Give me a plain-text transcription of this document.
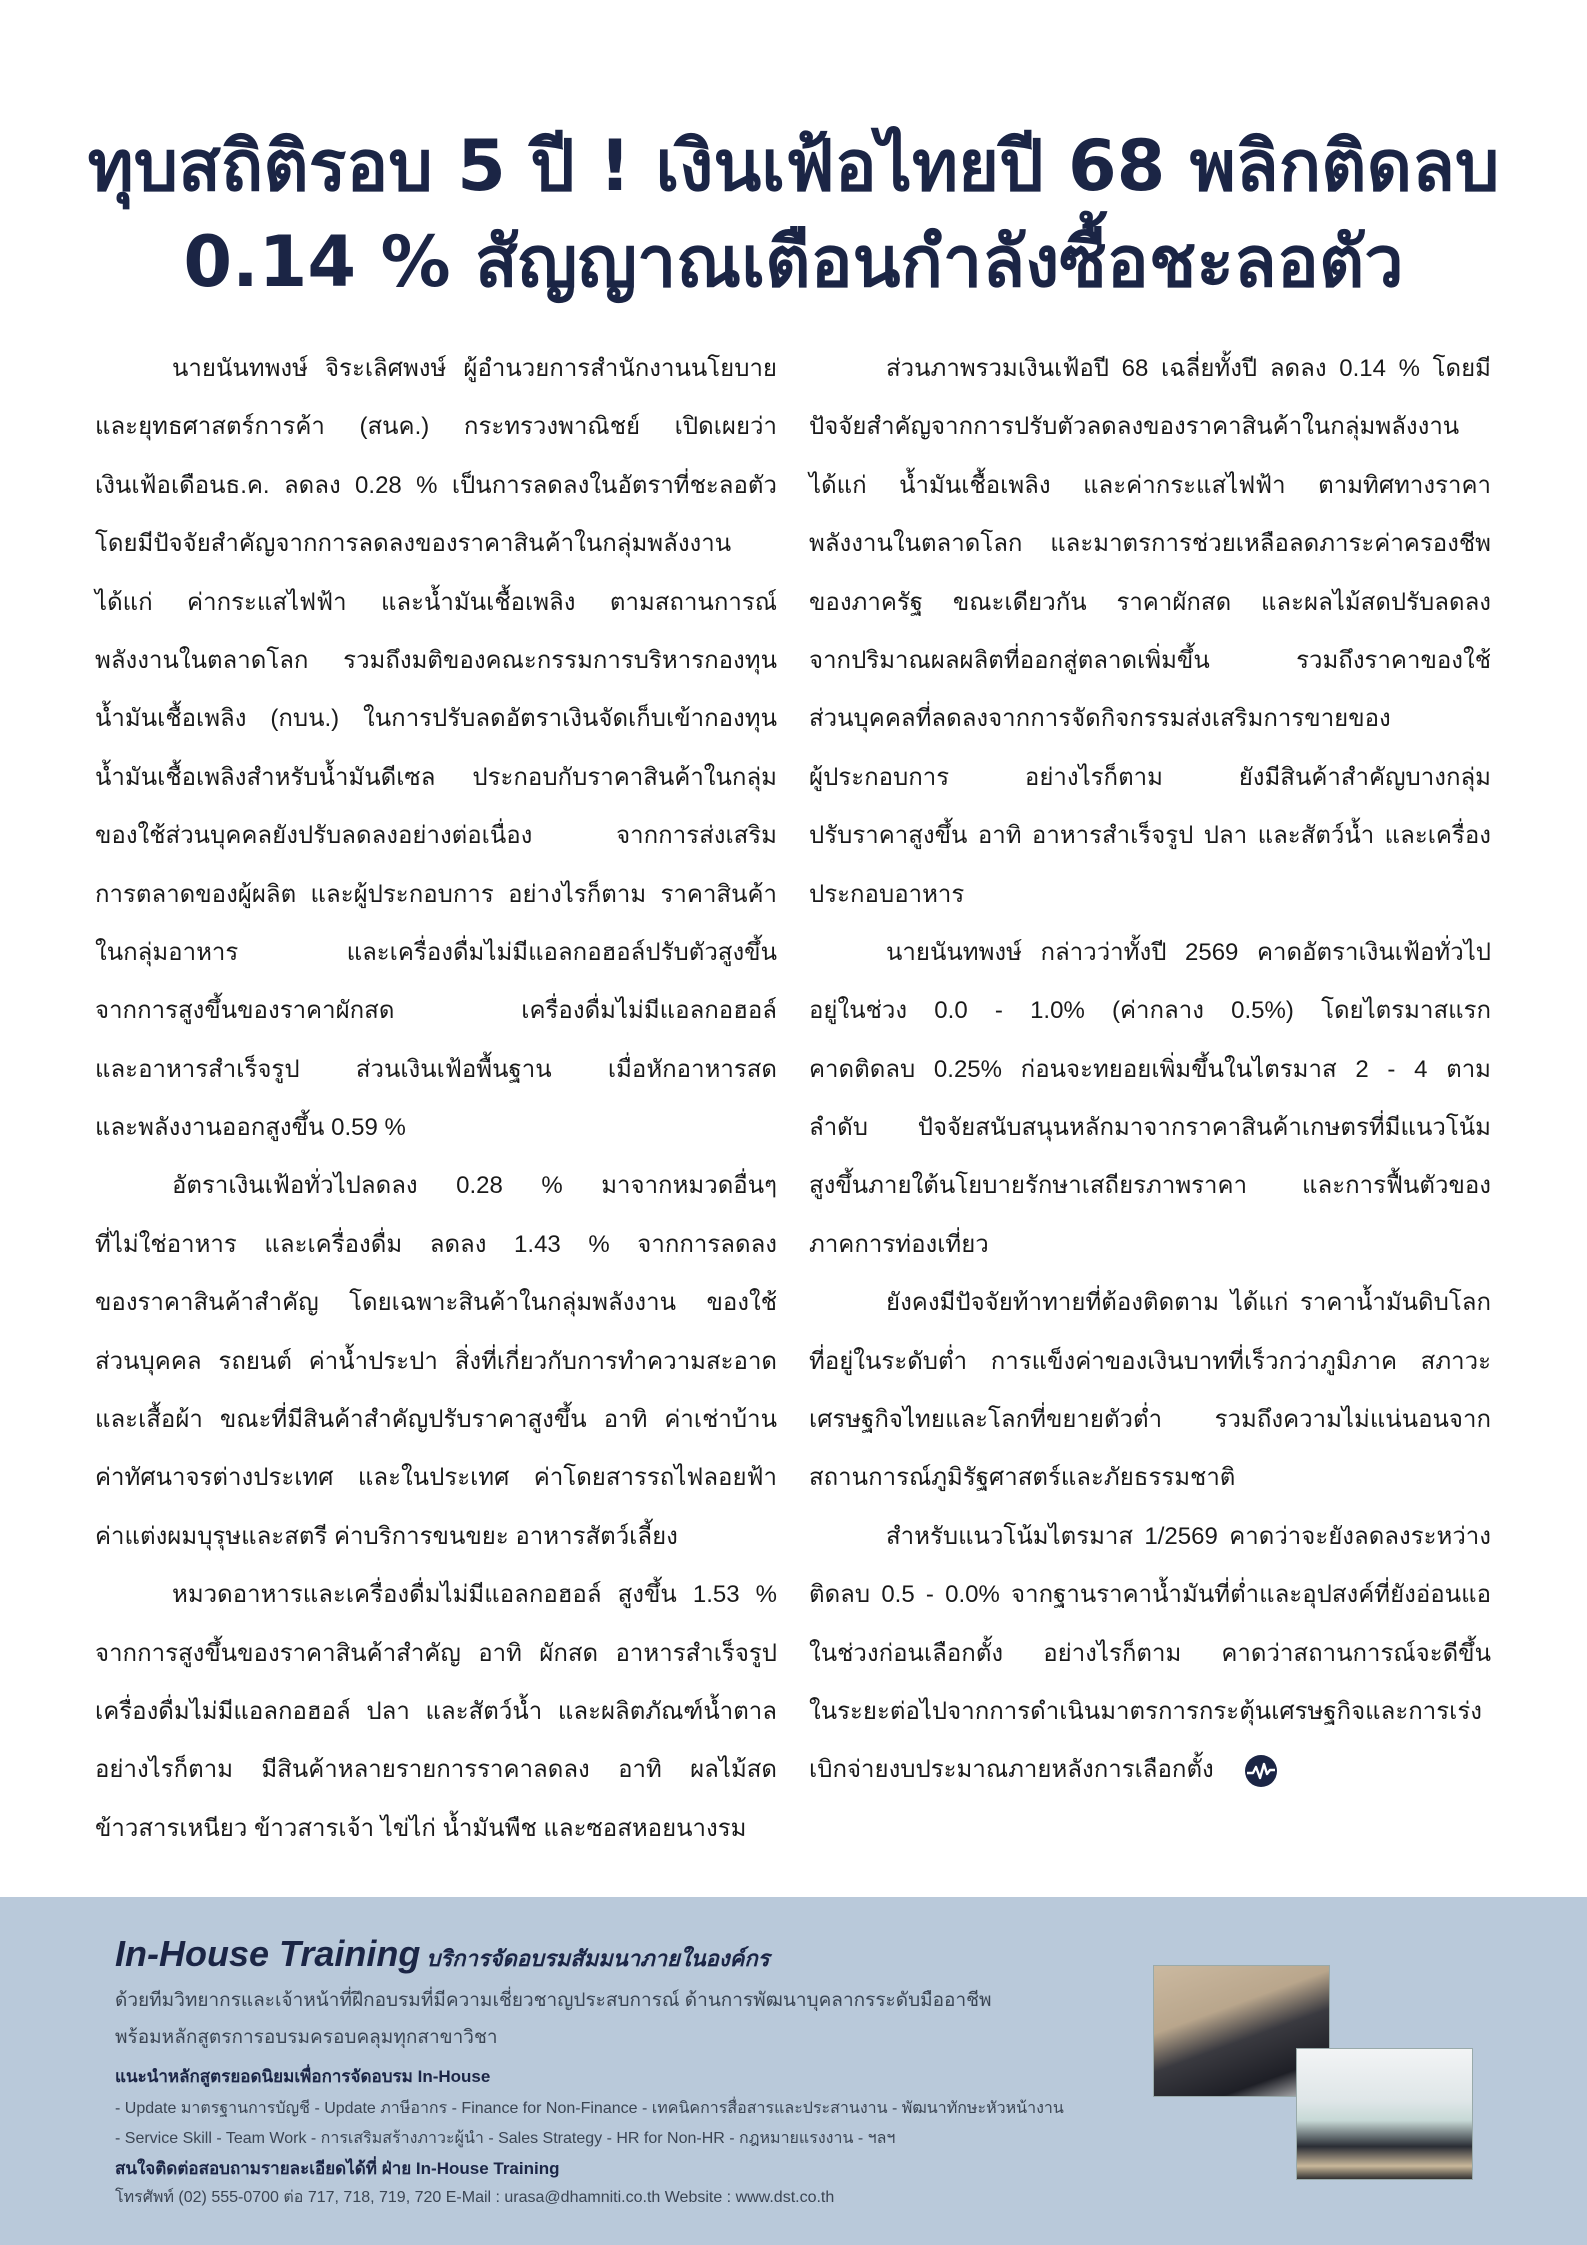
ทุบสถิติรอบ 5 ปี ! เงินเฟ้อไทยปี 68 พลิกติดลบ
0.14 % สัญญาณเตือนกำลังซื้อชะลอตัว
นายนันทพงษ์ จิระเลิศพงษ์ ผู้อำนวยการสำนักงานนโยบาย
และยุทธศาสตร์การค้า (สนค.) กระทรวงพาณิชย์ เปิดเผยว่า
เงินเฟ้อเดือนธ.ค. ลดลง 0.28 % เป็นการลดลงในอัตราที่ชะลอตัว
โดยมีปัจจัยสำคัญจากการลดลงของราคาสินค้าในกลุ่มพลังงาน
ได้แก่ ค่ากระแสไฟฟ้า และน้ำมันเชื้อเพลิง ตามสถานการณ์
พลังงานในตลาดโลก รวมถึงมติของคณะกรรมการบริหารกองทุน
น้ำมันเชื้อเพลิง (กบน.) ในการปรับลดอัตราเงินจัดเก็บเข้ากองทุน
น้ำมันเชื้อเพลิงสำหรับน้ำมันดีเซล ประกอบกับราคาสินค้าในกลุ่ม
ของใช้ส่วนบุคคลยังปรับลดลงอย่างต่อเนื่อง จากการส่งเสริม
การตลาดของผู้ผลิต และผู้ประกอบการ อย่างไรก็ตาม ราคาสินค้า
ในกลุ่มอาหาร และเครื่องดื่มไม่มีแอลกอฮอล์ปรับตัวสูงขึ้น
จากการสูงขึ้นของราคาผักสด เครื่องดื่มไม่มีแอลกอฮอล์
และอาหารสำเร็จรูป ส่วนเงินเฟ้อพื้นฐาน เมื่อหักอาหารสด
และพลังงานออกสูงขึ้น 0.59 %
อัตราเงินเฟ้อทั่วไปลดลง 0.28 % มาจากหมวดอื่นๆ
ที่ไม่ใช่อาหาร และเครื่องดื่ม ลดลง 1.43 % จากการลดลง
ของราคาสินค้าสำคัญ โดยเฉพาะสินค้าในกลุ่มพลังงาน ของใช้
ส่วนบุคคล รถยนต์ ค่าน้ำประปา สิ่งที่เกี่ยวกับการทำความสะอาด
และเสื้อผ้า ขณะที่มีสินค้าสำคัญปรับราคาสูงขึ้น อาทิ ค่าเช่าบ้าน
ค่าทัศนาจรต่างประเทศ และในประเทศ ค่าโดยสารรถไฟลอยฟ้า
ค่าแต่งผมบุรุษและสตรี ค่าบริการขนขยะ อาหารสัตว์เลี้ยง
หมวดอาหารและเครื่องดื่มไม่มีแอลกอฮอล์ สูงขึ้น 1.53 %
จากการสูงขึ้นของราคาสินค้าสำคัญ อาทิ ผักสด อาหารสำเร็จรูป
เครื่องดื่มไม่มีแอลกอฮอล์ ปลา และสัตว์น้ำ และผลิตภัณฑ์น้ำตาล
อย่างไรก็ตาม มีสินค้าหลายรายการราคาลดลง อาทิ ผลไม้สด
ข้าวสารเหนียว ข้าวสารเจ้า ไข่ไก่ น้ำมันพืช และซอสหอยนางรม
ส่วนภาพรวมเงินเฟ้อปี 68 เฉลี่ยทั้งปี ลดลง 0.14 % โดยมี
ปัจจัยสำคัญจากการปรับตัวลดลงของราคาสินค้าในกลุ่มพลังงาน
ได้แก่ น้ำมันเชื้อเพลิง และค่ากระแสไฟฟ้า ตามทิศทางราคา
พลังงานในตลาดโลก และมาตรการช่วยเหลือลดภาระค่าครองชีพ
ของภาครัฐ ขณะเดียวกัน ราคาผักสด และผลไม้สดปรับลดลง
จากปริมาณผลผลิตที่ออกสู่ตลาดเพิ่มขึ้น รวมถึงราคาของใช้
ส่วนบุคคลที่ลดลงจากการจัดกิจกรรมส่งเสริมการขายของ
ผู้ประกอบการ อย่างไรก็ตาม ยังมีสินค้าสำคัญบางกลุ่ม
ปรับราคาสูงขึ้น อาทิ อาหารสำเร็จรูป ปลา และสัตว์น้ำ และเครื่อง
ประกอบอาหาร
นายนันทพงษ์ กล่าวว่าทั้งปี 2569 คาดอัตราเงินเฟ้อทั่วไป
อยู่ในช่วง 0.0 - 1.0% (ค่ากลาง 0.5%) โดยไตรมาสแรก
คาดติดลบ 0.25% ก่อนจะทยอยเพิ่มขึ้นในไตรมาส 2 - 4 ตาม
ลำดับ ปัจจัยสนับสนุนหลักมาจากราคาสินค้าเกษตรที่มีแนวโน้ม
สูงขึ้นภายใต้นโยบายรักษาเสถียรภาพราคา และการฟื้นตัวของ
ภาคการท่องเที่ยว
ยังคงมีปัจจัยท้าทายที่ต้องติดตาม ได้แก่ ราคาน้ำมันดิบโลก
ที่อยู่ในระดับต่ำ การแข็งค่าของเงินบาทที่เร็วกว่าภูมิภาค สภาวะ
เศรษฐกิจไทยและโลกที่ขยายตัวต่ำ รวมถึงความไม่แน่นอนจาก
สถานการณ์ภูมิรัฐศาสตร์และภัยธรรมชาติ
สำหรับแนวโน้มไตรมาส 1/2569 คาดว่าจะยังลดลงระหว่าง
ติดลบ 0.5 - 0.0% จากฐานราคาน้ำมันที่ต่ำและอุปสงค์ที่ยังอ่อนแอ
ในช่วงก่อนเลือกตั้ง อย่างไรก็ตาม คาดว่าสถานการณ์จะดีขึ้น
ในระยะต่อไปจากการดำเนินมาตรการกระตุ้นเศรษฐกิจและการเร่ง
เบิกจ่ายงบประมาณภายหลังการเลือกตั้ง
In-House Training บริการจัดอบรมสัมมนาภายในองค์กร
ด้วยทีมวิทยากรและเจ้าหน้าที่ฝึกอบรมที่มีความเชี่ยวชาญประสบการณ์ ด้านการพัฒนาบุคลากรระดับมืออาชีพ
พร้อมหลักสูตรการอบรมครอบคลุมทุกสาขาวิชา
แนะนำหลักสูตรยอดนิยมเพื่อการจัดอบรม In-House
- Update มาตรฐานการบัญชี - Update ภาษีอากร - Finance for Non-Finance - เทคนิคการสื่อสารและประสานงาน - พัฒนาทักษะหัวหน้างาน
- Service Skill - Team Work - การเสริมสร้างภาวะผู้นำ - Sales Strategy - HR for Non-HR - กฎหมายแรงงาน - ฯลฯ
สนใจติดต่อสอบถามรายละเอียดได้ที่ ฝ่าย In-House Training
โทรศัพท์ (02) 555-0700 ต่อ 717, 718, 719, 720 E-Mail : urasa@dhamniti.co.th Website : www.dst.co.th
